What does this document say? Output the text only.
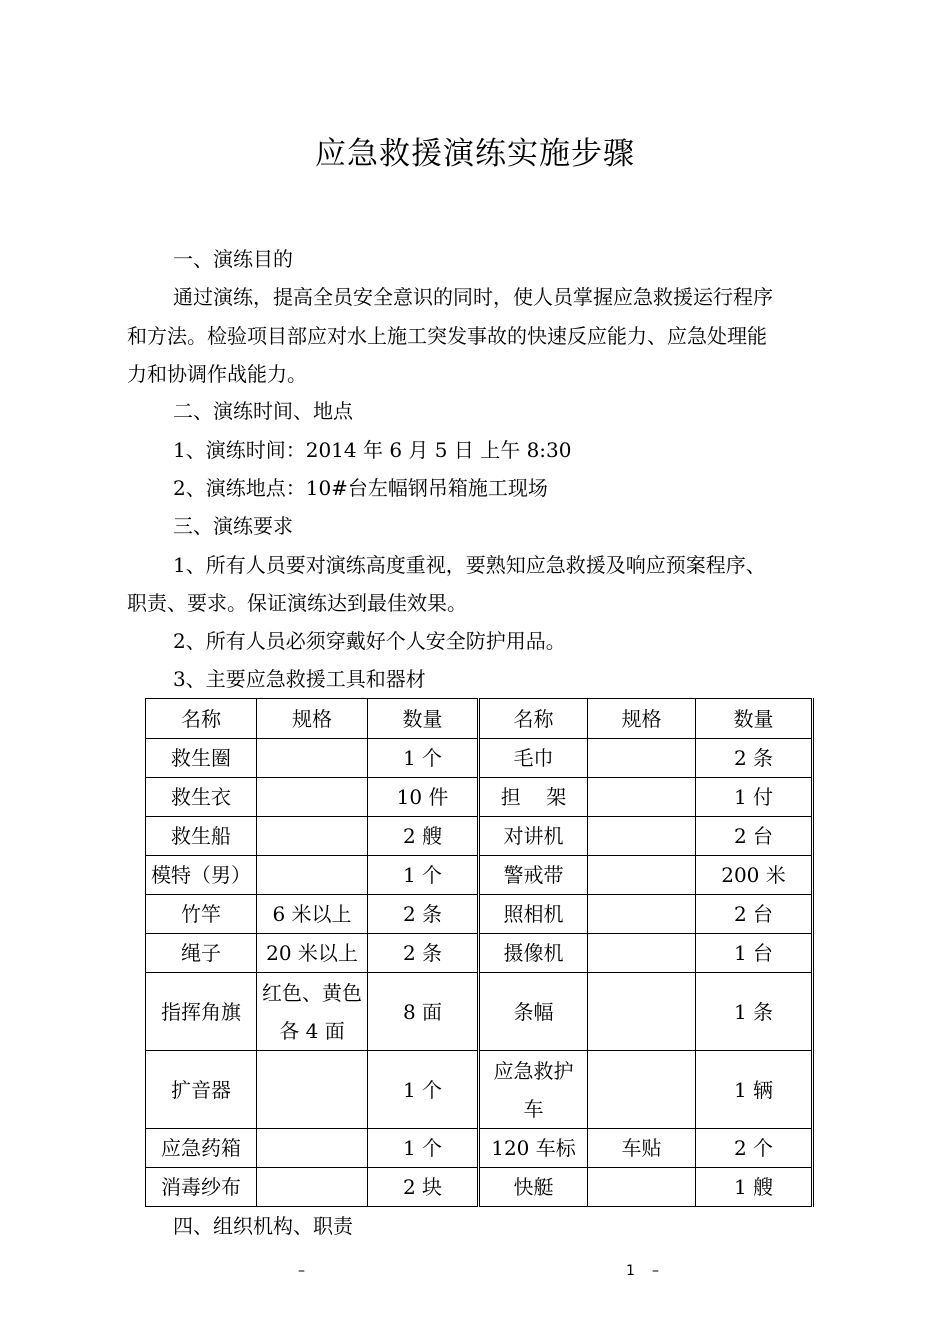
应急救援演练实施步骤
一、演练目的
通过演练，提高全员安全意识的同时，使人员掌握应急救援运行程序
和方法。检验项目部应对水上施工突发事故的快速反应能力、应急处理能
力和协调作战能力。
二、演练时间、地点
1、演练时间：2014 年 6 月 5 日 上午 8:30
2、演练地点：10#台左幅钢吊箱施工现场
三、演练要求
1、所有人员要对演练高度重视，要熟知应急救援及响应预案程序、
职责、要求。保证演练达到最佳效果。
2、所有人员必须穿戴好个人安全防护用品。
3、主要应急救援工具和器材
名称	规格	数量	名称	规格	数量
救生圈		1 个	毛巾		2 条
救生衣		10 件	担    架		1 付
救生船		2 艘	对讲机		2 台
模特（男）		1 个	警戒带		200 米
竹竿	6 米以上	2 条	照相机		2 台
绳子	20 米以上	2 条	摄像机		1 台
指挥角旗	红色、黄色各 4 面	8 面	条幅		1 条
扩音器		1 个	应急救护车		1 辆
应急药箱		1 个	120 车标	车贴	2 个
消毒纱布		2 块	快艇		1 艘
四、组织机构、职责
–	1 –
